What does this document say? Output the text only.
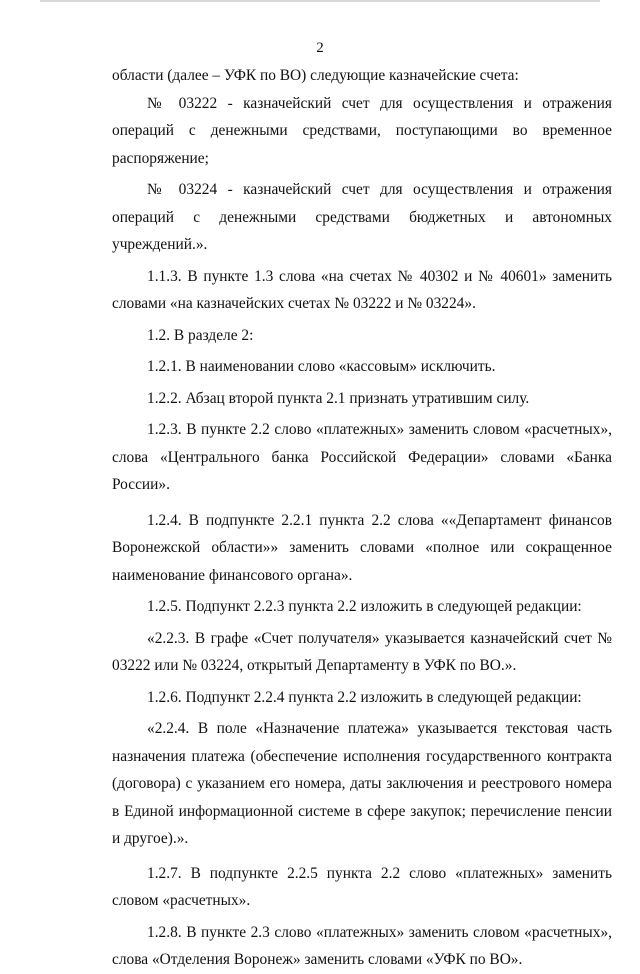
2

области (далее – УФК по ВО) следующие казначейские счета:

№ 03222 - казначейский счет для осуществления и отражения операций с денежными средствами, поступающими во временное распоряжение;

№ 03224 - казначейский счет для осуществления и отражения операций с денежными средствами бюджетных и автономных учреждений.».

1.1.3. В пункте 1.3 слова «на счетах № 40302 и № 40601» заменить словами «на казначейских счетах № 03222 и № 03224».

1.2. В разделе 2:

1.2.1. В наименовании слово «кассовым» исключить.

1.2.2. Абзац второй пункта 2.1 признать утратившим силу.

1.2.3. В пункте 2.2 слово «платежных» заменить словом «расчетных», слова «Центрального банка Российской Федерации» словами «Банка России».

1.2.4. В подпункте 2.2.1 пункта 2.2 слова ««Департамент финансов Воронежской области»» заменить словами «полное или сокращенное наименование финансового органа».

1.2.5. Подпункт 2.2.3 пункта 2.2 изложить в следующей редакции:

«2.2.3. В графе «Счет получателя» указывается казначейский счет № 03222 или № 03224, открытый Департаменту в УФК по ВО.».

1.2.6. Подпункт 2.2.4 пункта 2.2 изложить в следующей редакции:

«2.2.4. В поле «Назначение платежа» указывается текстовая часть назначения платежа (обеспечение исполнения государственного контракта (договора) с указанием его номера, даты заключения и реестрового номера в Единой информационной системе в сфере закупок; перечисление пенсии и другое).».

1.2.7. В подпункте 2.2.5 пункта 2.2 слово «платежных» заменить словом «расчетных».

1.2.8. В пункте 2.3 слово «платежных» заменить словом «расчетных», слова «Отделения Воронеж» заменить словами «УФК по ВО».
